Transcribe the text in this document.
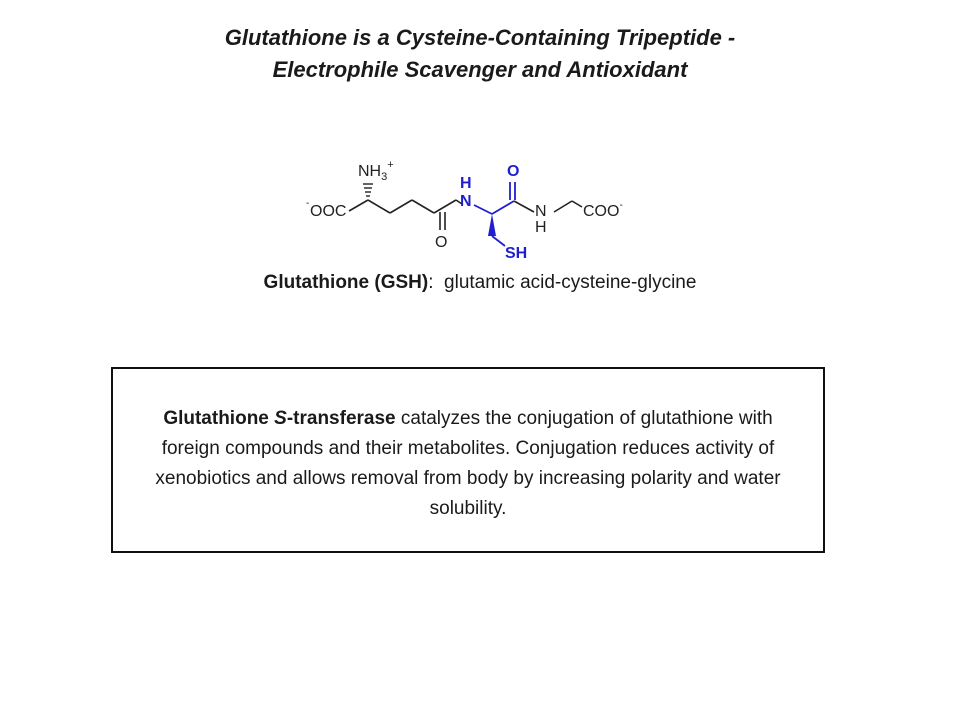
Glutathione is a Cysteine-Containing Tripeptide -
Electrophile Scavenger and Antioxidant
- OOC
$NH_3^+$
O
H
N
O
SH
N
H
COO-
Glutathione (GSH): glutamic acid-cysteine-glycine
Glutathione S-transferase catalyzes the conjugation of glutathione with foreign compounds and their metabolites. Conjugation reduces activity of xenobiotics and allows removal from body by increasing polarity and water solubility.
